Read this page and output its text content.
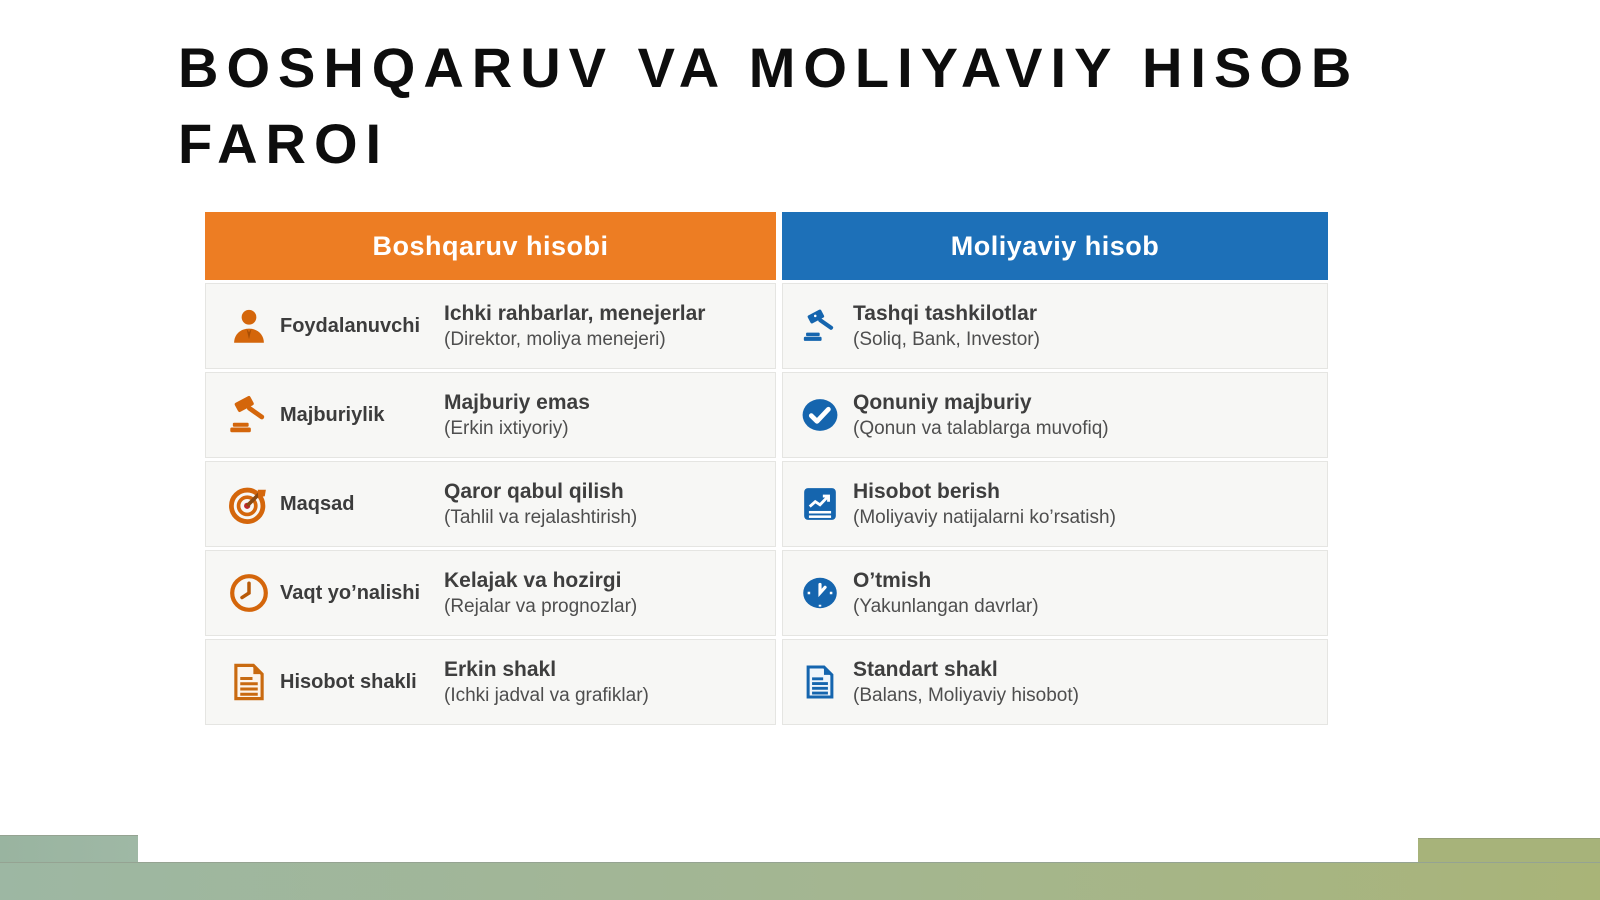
BOSHQARUV VA MOLIYAVIY HISOB
FAROI
Boshqaruv hisobi
Foydalanuvchi
Ichki rahbarlar, menejerlar
(Direktor, moliya menejeri)
Majburiylik
Majburiy emas
(Erkin ixtiyoriy)
Maqsad
Qaror qabul qilish
(Tahlil va rejalashtirish)
Vaqt yo’nalishi
Kelajak va hozirgi
(Rejalar va prognozlar)
Hisobot shakli
Erkin shakl
(Ichki jadval va grafiklar)
Moliyaviy hisob
Tashqi tashkilotlar
(Soliq, Bank, Investor)
Qonuniy majburiy
(Qonun va talablarga muvofiq)
Hisobot berish
(Moliyaviy natijalarni ko’rsatish)
O’tmish
(Yakunlangan davrlar)
Standart shakl
(Balans, Moliyaviy hisobot)
